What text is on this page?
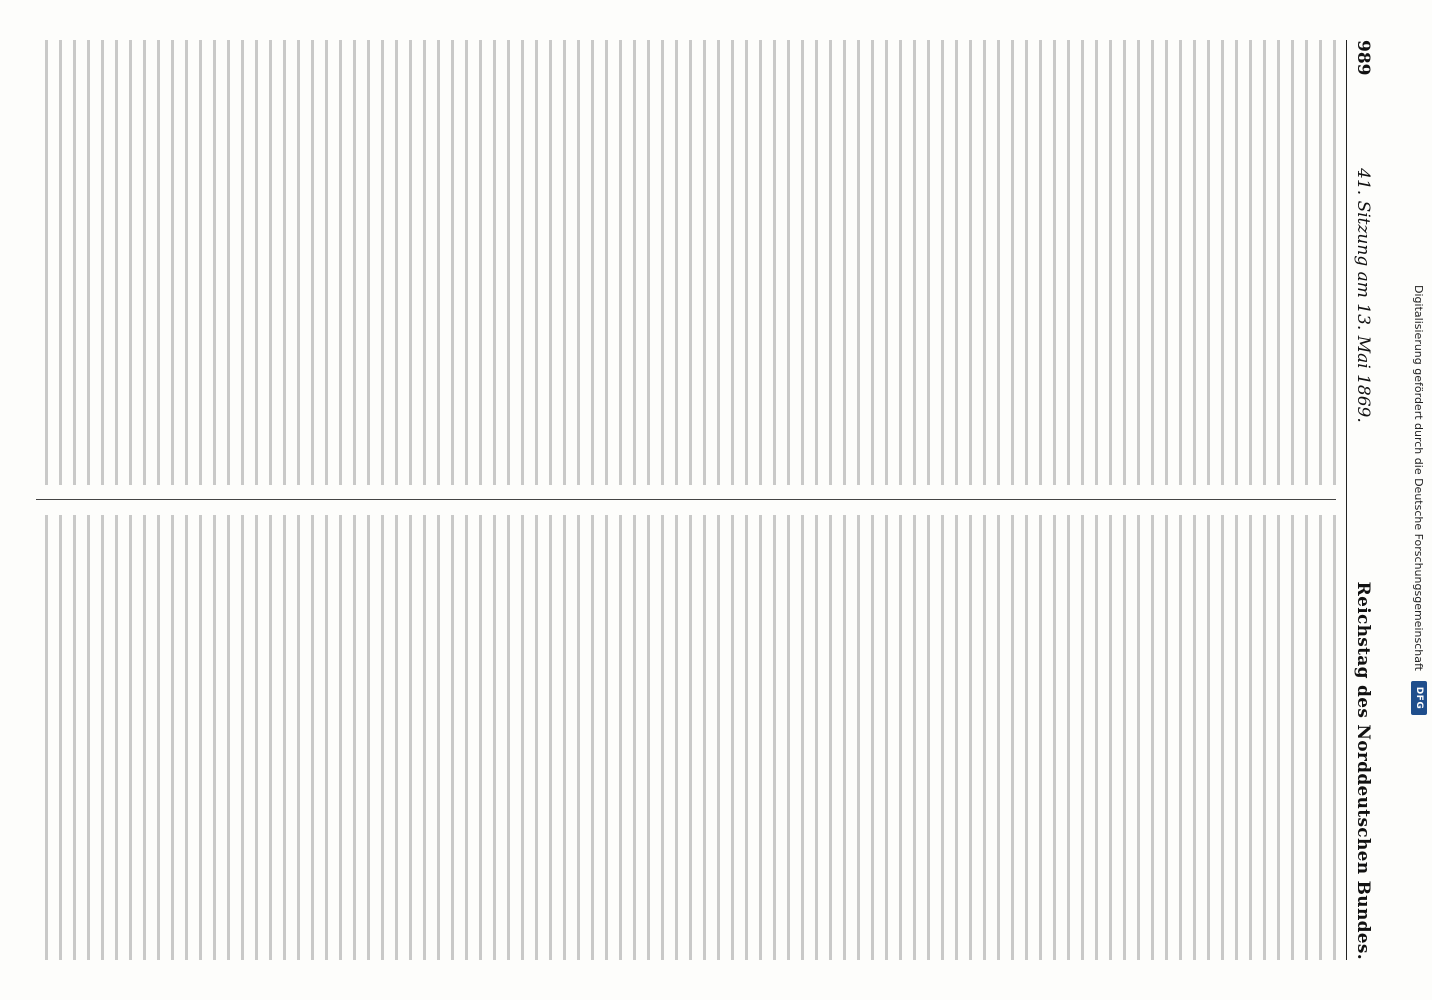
Digitalisierung gefördert durch die Deutsche Forschungsgemeinschaft
DFG
989
41. Sitzung am 13. Mai 1869.
Reichstag des Norddeutschen Bundes.
